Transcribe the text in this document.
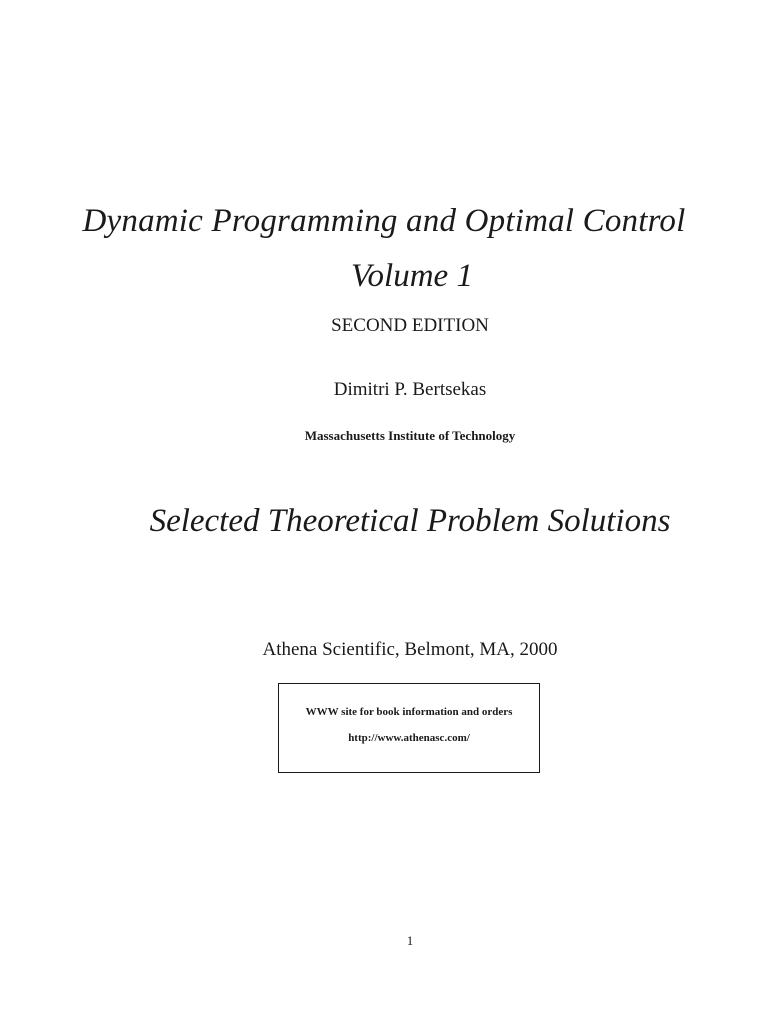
Dynamic Programming and Optimal Control
Volume 1
SECOND EDITION
Dimitri P. Bertsekas
Massachusetts Institute of Technology
Selected Theoretical Problem Solutions
Athena Scientific, Belmont, MA, 2000
WWW site for book information and orders
http://www.athenasc.com/
1
